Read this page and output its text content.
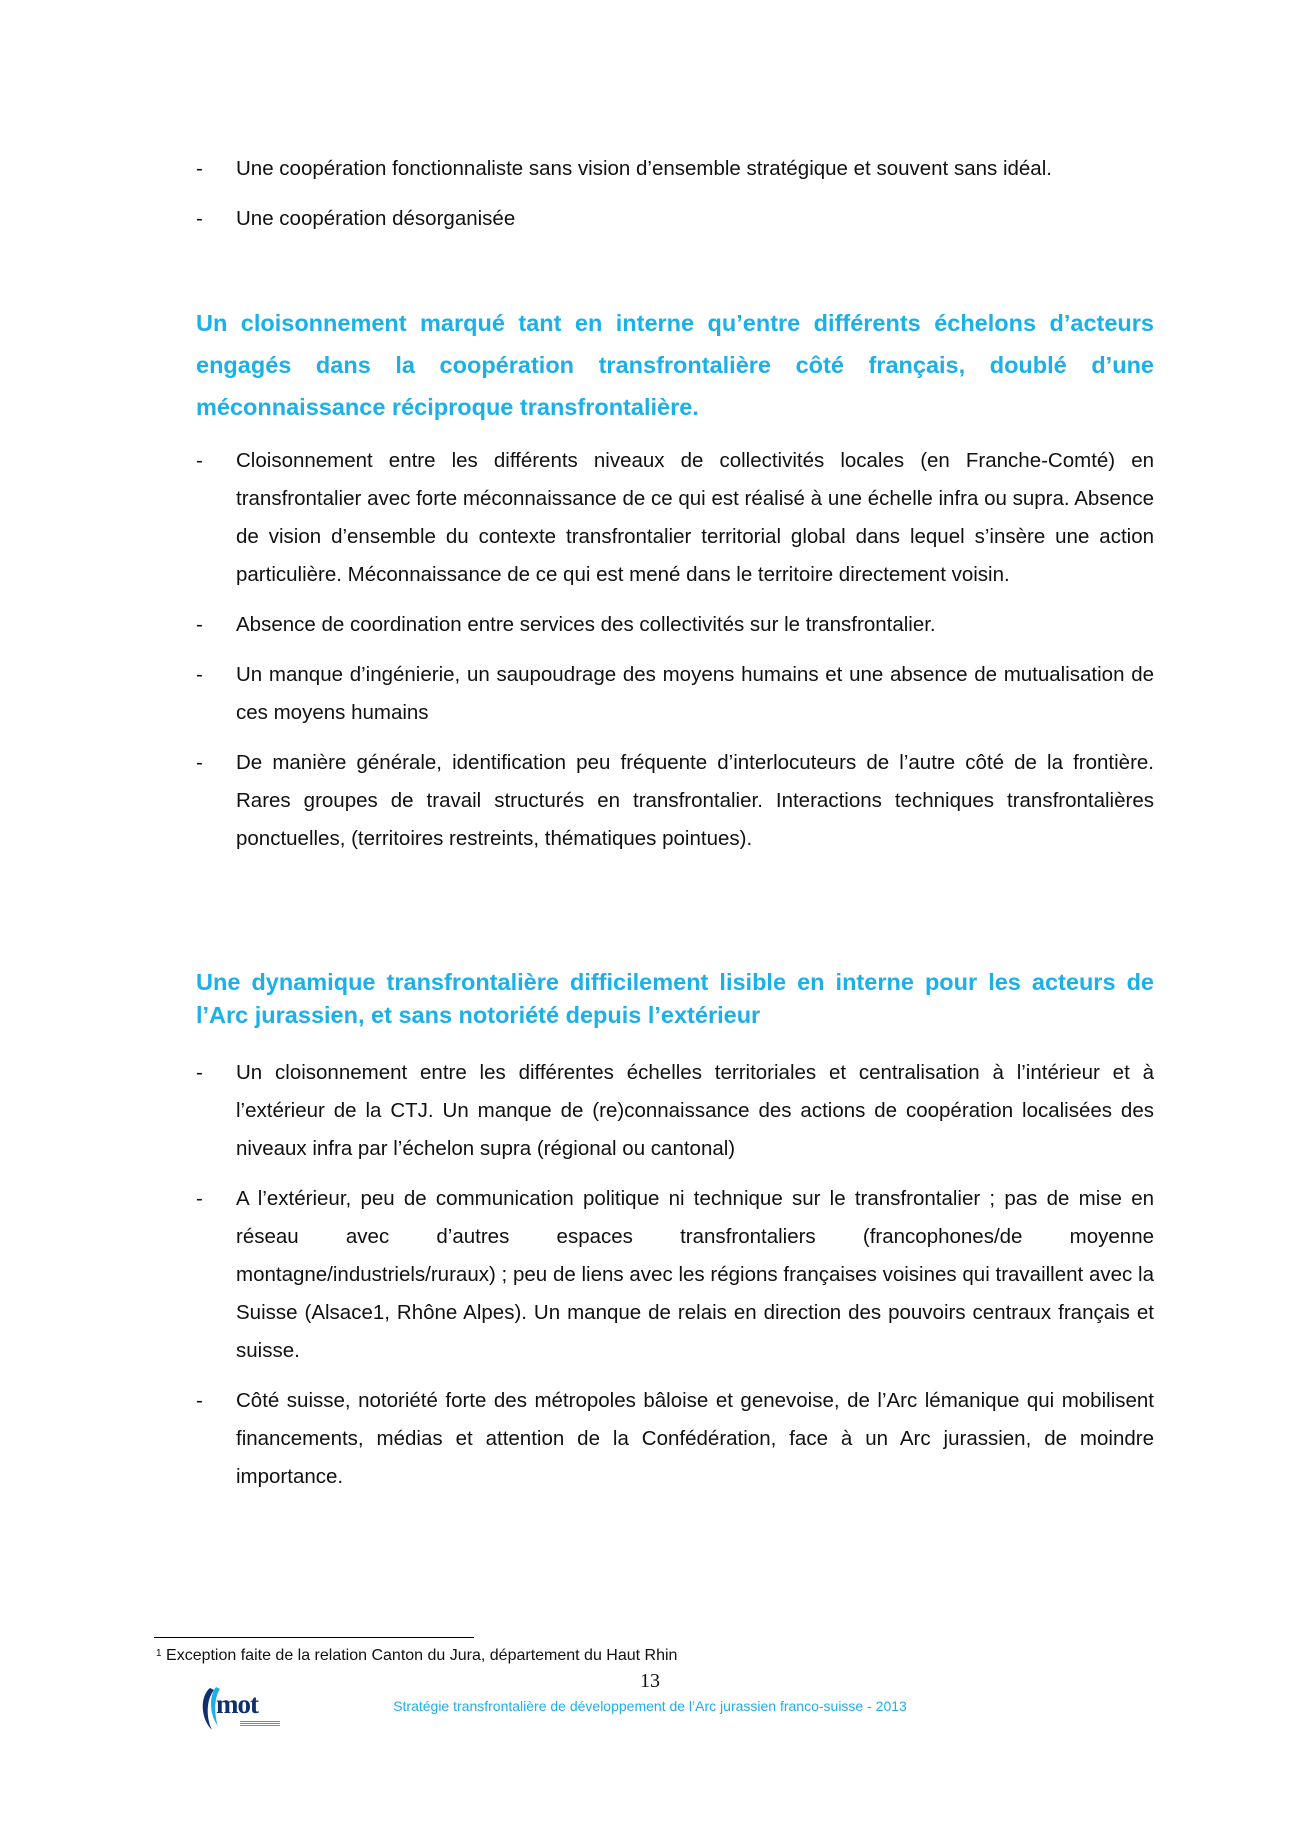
- Une coopération fonctionnaliste sans vision d’ensemble stratégique et souvent sans idéal.
- Une coopération désorganisée
Un cloisonnement marqué tant en interne qu’entre différents échelons d’acteurs engagés dans la coopération transfrontalière côté français, doublé d’une méconnaissance réciproque transfrontalière.
- Cloisonnement entre les différents niveaux de collectivités locales (en Franche-Comté) en transfrontalier avec forte méconnaissance de ce qui est réalisé à une échelle infra ou supra. Absence de vision d’ensemble du contexte transfrontalier territorial global dans lequel s’insère une action particulière. Méconnaissance de ce qui est mené dans le territoire directement voisin.
- Absence de coordination entre services des collectivités sur le transfrontalier.
- Un manque d’ingénierie, un saupoudrage des moyens humains et une absence de mutualisation de ces moyens humains
- De manière générale, identification peu fréquente d’interlocuteurs de l’autre côté de la frontière. Rares groupes de travail structurés en transfrontalier. Interactions techniques transfrontalières ponctuelles, (territoires restreints, thématiques pointues).
Une dynamique transfrontalière difficilement lisible en interne pour les acteurs de l’Arc jurassien, et sans notoriété depuis l’extérieur
- Un cloisonnement entre les différentes échelles territoriales et centralisation à l’intérieur et à l’extérieur de la CTJ. Un manque de (re)connaissance des actions de coopération localisées des niveaux infra par l’échelon supra (régional ou cantonal)
- A l’extérieur, peu de communication politique ni technique sur le transfrontalier ; pas de mise en réseau avec d’autres espaces transfrontaliers (francophones/de moyenne montagne/industriels/ruraux) ; peu de liens avec les régions françaises voisines qui travaillent avec la Suisse (Alsace1, Rhône Alpes). Un manque de relais en direction des pouvoirs centraux français et suisse.
- Côté suisse, notoriété forte des métropoles bâloise et genevoise, de l’Arc lémanique qui mobilisent financements, médias et attention de la Confédération, face à un Arc jurassien, de moindre importance.
$^1$ Exception faite de la relation Canton du Jura, département du Haut Rhin
13
mot	Stratégie transfrontalière de développement de l’Arc jurassien franco-suisse - 2013
